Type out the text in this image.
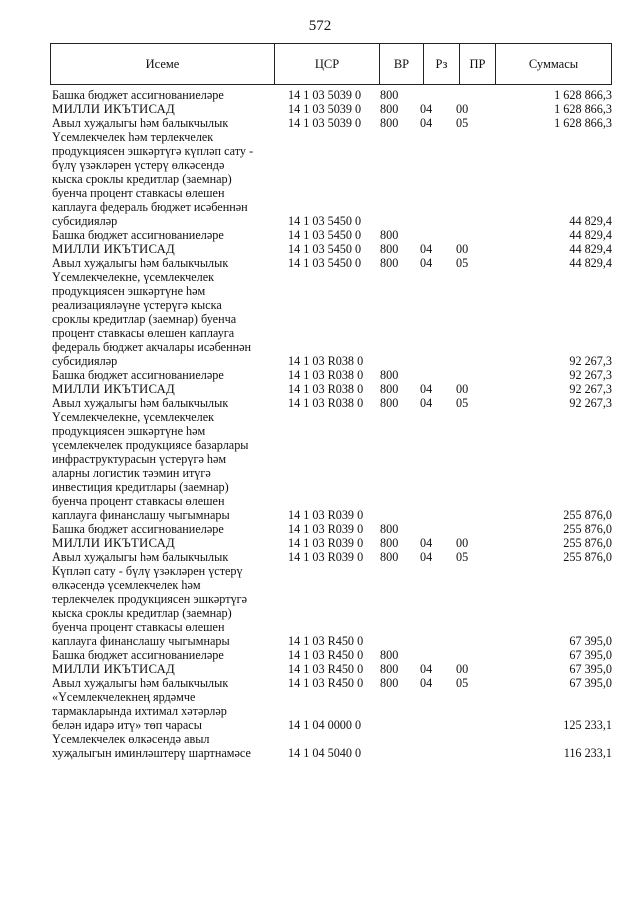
572
Исеме	ЦСР	ВР	Рз	ПР	Суммасы
Башка бюджет ассигнованиеләре	14 1 03 5039 0	800	1 628 866,3
МИЛЛИ ИКЪТИСАД	14 1 03 5039 0	800	04	00	1 628 866,3
Авыл хуҗалыгы һәм балыкчылык	14 1 03 5039 0	800	04	05	1 628 866,3
Үсемлекчелек һәм терлекчелек
продукциясен эшкәртүгә күпләп сату -
бүлү үзәкләрен үстерү өлкәсендә
кыска сроклы кредитлар (заемнар)
буенча процент ставкасы өлешен
каплауга федераль бюджет исәбеннән
субсидияләр	14 1 03 5450 0	44 829,4
Башка бюджет ассигнованиеләре	14 1 03 5450 0	800	44 829,4
МИЛЛИ ИКЪТИСАД	14 1 03 5450 0	800	04	00	44 829,4
Авыл хуҗалыгы һәм балыкчылык	14 1 03 5450 0	800	04	05	44 829,4
Үсемлекчелекне, үсемлекчелек
продукциясен эшкәртүне һәм
реализацияләүне үстерүгә кыска
сроклы кредитлар (заемнар) буенча
процент ставкасы өлешен каплауга
федераль бюджет акчалары исәбеннән
субсидияләр	14 1 03 R038 0	92 267,3
Башка бюджет ассигнованиеләре	14 1 03 R038 0	800	92 267,3
МИЛЛИ ИКЪТИСАД	14 1 03 R038 0	800	04	00	92 267,3
Авыл хуҗалыгы һәм балыкчылык	14 1 03 R038 0	800	04	05	92 267,3
Үсемлекчелекне, үсемлекчелек
продукциясен эшкәртүне һәм
үсемлекчелек продукциясе базарлары
инфраструктурасын үстерүгә һәм
аларны логистик тәэмин итүгә
инвестиция кредитлары (заемнар)
буенча процент ставкасы өлешен
каплауга финанслашу чыгымнары	14 1 03 R039 0	255 876,0
Башка бюджет ассигнованиеләре	14 1 03 R039 0	800	255 876,0
МИЛЛИ ИКЪТИСАД	14 1 03 R039 0	800	04	00	255 876,0
Авыл хуҗалыгы һәм балыкчылык	14 1 03 R039 0	800	04	05	255 876,0
Күпләп сату - бүлү үзәкләрен үстерү
өлкәсендә үсемлекчелек һәм
терлекчелек продукциясен эшкәртүгә
кыска сроклы кредитлар (заемнар)
буенча процент ставкасы өлешен
каплауга финанслашу чыгымнары	14 1 03 R450 0	67 395,0
Башка бюджет ассигнованиеләре	14 1 03 R450 0	800	67 395,0
МИЛЛИ ИКЪТИСАД	14 1 03 R450 0	800	04	00	67 395,0
Авыл хуҗалыгы һәм балыкчылык	14 1 03 R450 0	800	04	05	67 395,0
«Үсемлекчелекнең ярдәмче
тармакларында ихтимал хәтәрләр
белән идарә итү» төп чарасы	14 1 04 0000 0	125 233,1
Үсемлекчелек өлкәсендә авыл
хуҗалыгын иминләштерү шартнамәсе	14 1 04 5040 0	116 233,1
